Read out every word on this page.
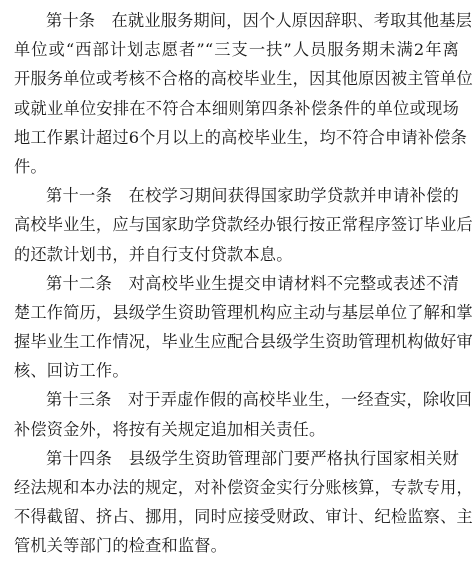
第十条　在就业服务期间，因个人原因辞职、考取其他基层
单位或“西部计划志愿者”“三支一扶”人员服务期未满2年离
开服务单位或考核不合格的高校毕业生，因其他原因被主管单位
或就业单位安排在不符合本细则第四条补偿条件的单位或现场
地工作累计超过6个月以上的高校毕业生，均不符合申请补偿条
件。
第十一条　在校学习期间获得国家助学贷款并申请补偿的
高校毕业生，应与国家助学贷款经办银行按正常程序签订毕业后
的还款计划书，并自行支付贷款本息。
第十二条　对高校毕业生提交申请材料不完整或表述不清
楚工作简历，县级学生资助管理机构应主动与基层单位了解和掌
握毕业生工作情况，毕业生应配合县级学生资助管理机构做好审
核、回访工作。
第十三条　对于弄虚作假的高校毕业生，一经查实，除收回
补偿资金外，将按有关规定追加相关责任。
第十四条　县级学生资助管理部门要严格执行国家相关财
经法规和本办法的规定，对补偿资金实行分账核算，专款专用，
不得截留、挤占、挪用，同时应接受财政、审计、纪检监察、主
管机关等部门的检查和监督。
